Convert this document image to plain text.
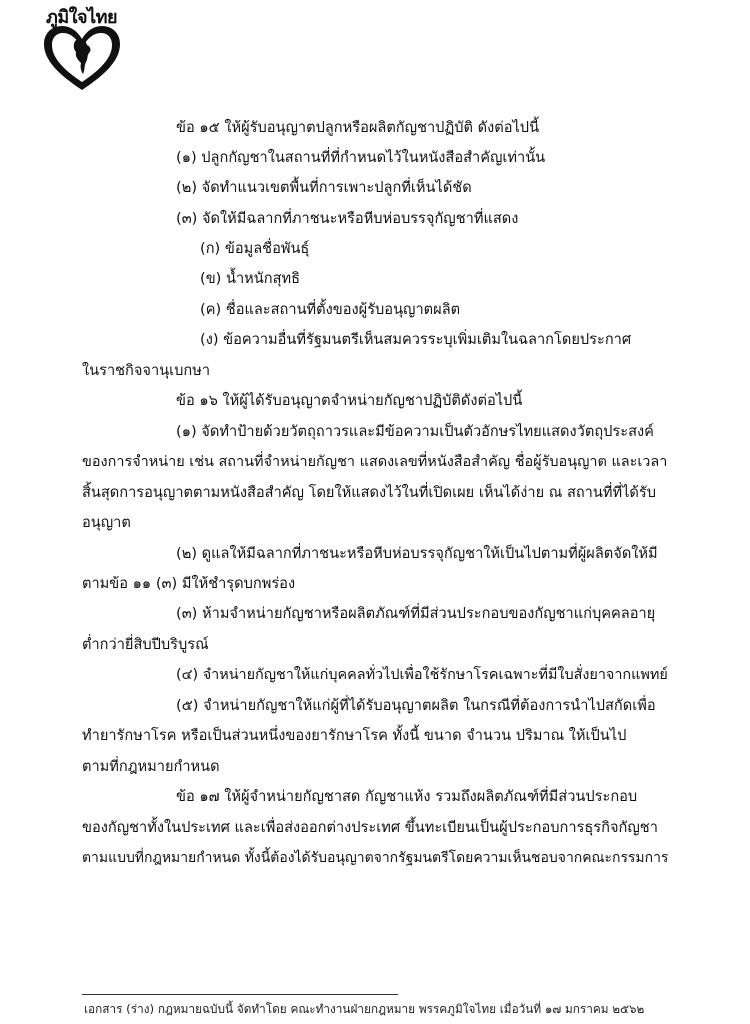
ภูมิใจไทย

ข้อ ๑๕ ให้ผู้รับอนุญาตปลูกหรือผลิตกัญชาปฏิบัติ ดังต่อไปนี้

(๑) ปลูกกัญชาในสถานที่ที่กำหนดไว้ในหนังสือสำคัญเท่านั้น

(๒) จัดทำแนวเขตพื้นที่การเพาะปลูกที่เห็นได้ชัด

(๓) จัดให้มีฉลากที่ภาชนะหรือหีบห่อบรรจุกัญชาที่แสดง

(ก) ข้อมูลชื่อพันธุ์

(ข) น้ำหนักสุทธิ

(ค) ชื่อและสถานที่ตั้งของผู้รับอนุญาตผลิต

(ง) ข้อความอื่นที่รัฐมนตรีเห็นสมควรระบุเพิ่มเติมในฉลากโดยประกาศ

ในราชกิจจานุเบกษา

ข้อ ๑๖ ให้ผู้ได้รับอนุญาตจำหน่ายกัญชาปฏิบัติดังต่อไปนี้

(๑) จัดทำป้ายด้วยวัตถุถาวรและมีข้อความเป็นตัวอักษรไทยแสดงวัตถุประสงค์

ของการจำหน่าย เช่น สถานที่จำหน่ายกัญชา แสดงเลขที่หนังสือสำคัญ ชื่อผู้รับอนุญาต และเวลา

สิ้นสุดการอนุญาตตามหนังสือสำคัญ โดยให้แสดงไว้ในที่เปิดเผย เห็นได้ง่าย ณ สถานที่ที่ได้รับ

อนุญาต

(๒) ดูแลให้มีฉลากที่ภาชนะหรือหีบห่อบรรจุกัญชาให้เป็นไปตามที่ผู้ผลิตจัดให้มี

ตามข้อ ๑๑ (๓) มีให้ชำรุดบกพร่อง

(๓) ห้ามจำหน่ายกัญชาหรือผลิตภัณฑ์ที่มีส่วนประกอบของกัญชาแก่บุคคลอายุ

ต่ำกว่ายี่สิบปีบริบูรณ์

(๔) จำหน่ายกัญชาให้แก่บุคคลทั่วไปเพื่อใช้รักษาโรคเฉพาะที่มีใบสั่งยาจากแพทย์

(๕) จำหน่ายกัญชาให้แก่ผู้ที่ได้รับอนุญาตผลิต ในกรณีที่ต้องการนำไปสกัดเพื่อ

ทำยารักษาโรค หรือเป็นส่วนหนึ่งของยารักษาโรค ทั้งนี้ ขนาด จำนวน ปริมาณ ให้เป็นไป

ตามที่กฎหมายกำหนด

ข้อ ๑๗ ให้ผู้จำหน่ายกัญชาสด กัญชาแห้ง รวมถึงผลิตภัณฑ์ที่มีส่วนประกอบ

ของกัญชาทั้งในประเทศ และเพื่อส่งออกต่างประเทศ ขึ้นทะเบียนเป็นผู้ประกอบการธุรกิจกัญชา

ตามแบบที่กฎหมายกำหนด ทั้งนี้ต้องได้รับอนุญาตจากรัฐมนตรีโดยความเห็นชอบจากคณะกรรมการ

เอกสาร (ร่าง) กฎหมายฉบับนี้ จัดทำโดย คณะทำงานฝ่ายกฎหมาย พรรคภูมิใจไทย เมื่อวันที่ ๑๗ มกราคม ๒๕๖๒
